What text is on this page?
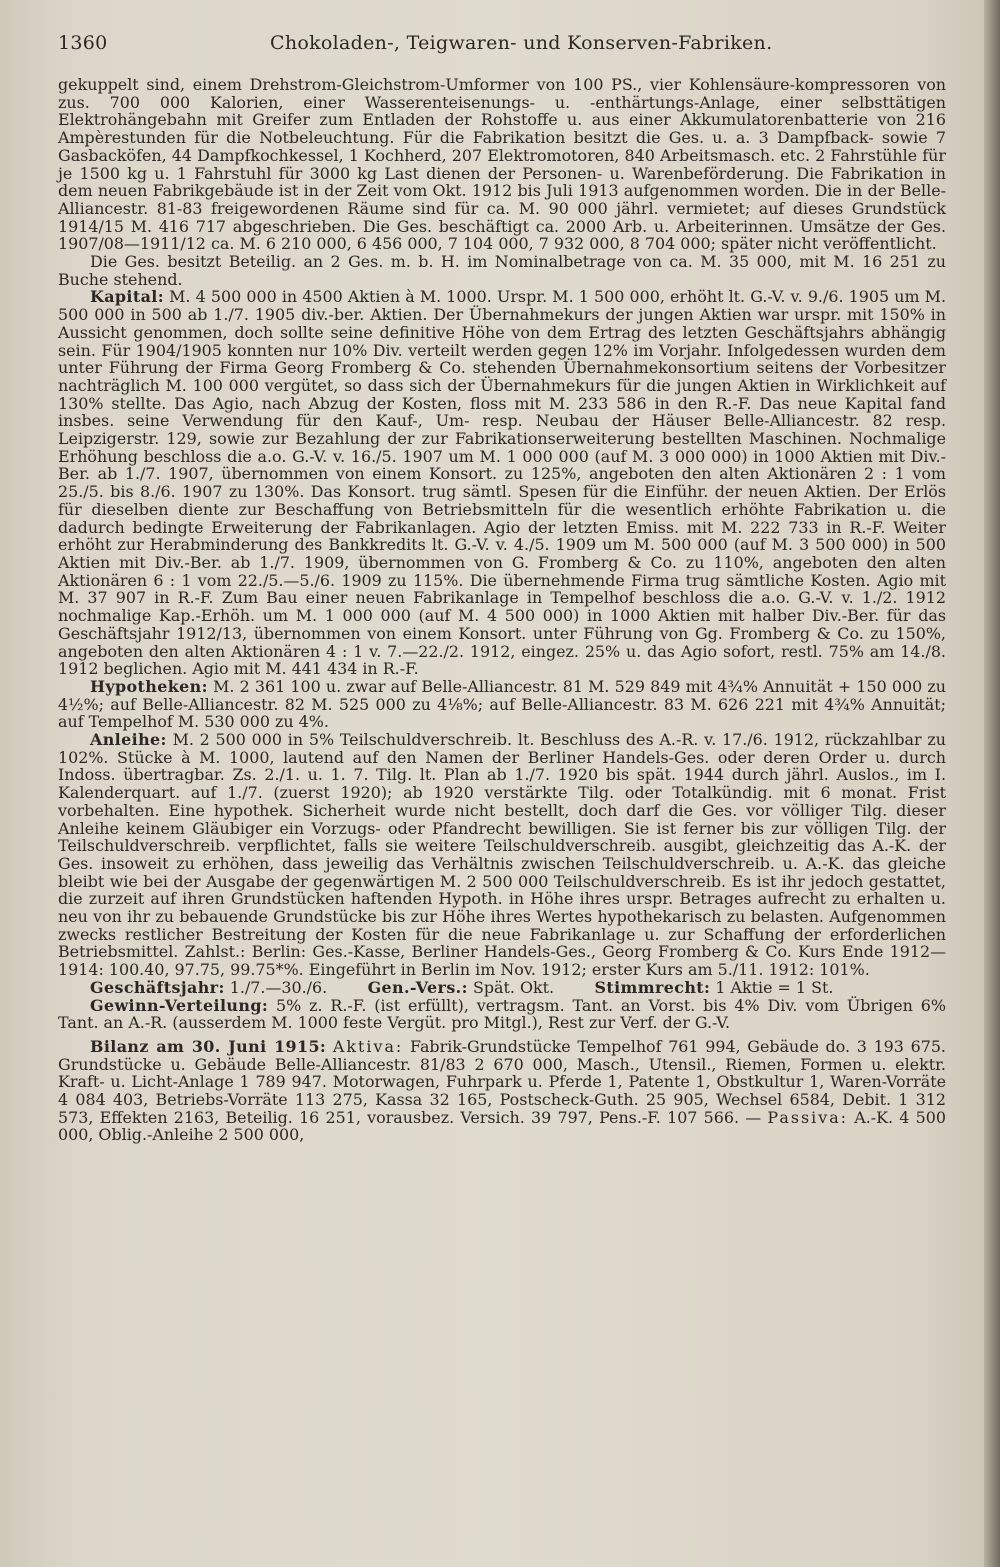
1360	Chokoladen-, Teigwaren- und Konserven-Fabriken.

gekuppelt sind, einem Drehstrom-Gleichstrom-Umformer von 100 PS., vier Kohlensäure-kompressoren von zus. 700 000 Kalorien, einer Wasserenteisenungs- u. -enthärtungs-Anlage, einer selbsttätigen Elektrohängebahn mit Greifer zum Entladen der Rohstoffe u. aus einer Akkumulatorenbatterie von 216 Ampèrestunden für die Notbeleuchtung. Für die Fabrikation besitzt die Ges. u. a. 3 Dampfback- sowie 7 Gasbacköfen, 44 Dampfkochkessel, 1 Kochherd, 207 Elektromotoren, 840 Arbeitsmasch. etc. 2 Fahrstühle für je 1500 kg u. 1 Fahrstuhl für 3000 kg Last dienen der Personen- u. Warenbeförderung. Die Fabrikation in dem neuen Fabrikgebäude ist in der Zeit vom Okt. 1912 bis Juli 1913 aufgenommen worden. Die in der Belle-Alliancestr. 81-83 freigewordenen Räume sind für ca. M. 90 000 jährl. vermietet; auf dieses Grundstück 1914/15 M. 416 717 abgeschrieben. Die Ges. beschäftigt ca. 2000 Arb. u. Arbeiterinnen. Umsätze der Ges. 1907/08—1911/12 ca. M. 6 210 000, 6 456 000, 7 104 000, 7 932 000, 8 704 000; später nicht veröffentlicht.

Die Ges. besitzt Beteilig. an 2 Ges. m. b. H. im Nominalbetrage von ca. M. 35 000, mit M. 16 251 zu Buche stehend.

Kapital: M. 4 500 000 in 4500 Aktien à M. 1000. Urspr. M. 1 500 000, erhöht lt. G.-V. v. 9./6. 1905 um M. 500 000 in 500 ab 1./7. 1905 div.-ber. Aktien. Der Übernahmekurs der jungen Aktien war urspr. mit 150% in Aussicht genommen, doch sollte seine definitive Höhe von dem Ertrag des letzten Geschäftsjahrs abhängig sein. Für 1904/1905 konnten nur 10% Div. verteilt werden gegen 12% im Vorjahr. Infolgedessen wurden dem unter Führung der Firma Georg Fromberg & Co. stehenden Übernahmekonsortium seitens der Vorbesitzer nachträglich M. 100 000 vergütet, so dass sich der Übernahmekurs für die jungen Aktien in Wirklichkeit auf 130% stellte. Das Agio, nach Abzug der Kosten, floss mit M. 233 586 in den R.-F. Das neue Kapital fand insbes. seine Verwendung für den Kauf-, Um- resp. Neubau der Häuser Belle-Alliancestr. 82 resp. Leipzigerstr. 129, sowie zur Bezahlung der zur Fabrikationserweiterung bestellten Maschinen. Nochmalige Erhöhung beschloss die a.o. G.-V. v. 16./5. 1907 um M. 1 000 000 (auf M. 3 000 000) in 1000 Aktien mit Div.-Ber. ab 1./7. 1907, übernommen von einem Konsort. zu 125%, angeboten den alten Aktionären 2 : 1 vom 25./5. bis 8./6. 1907 zu 130%. Das Konsort. trug sämtl. Spesen für die Einführ. der neuen Aktien. Der Erlös für dieselben diente zur Beschaffung von Betriebsmitteln für die wesentlich erhöhte Fabrikation u. die dadurch bedingte Erweiterung der Fabrikanlagen. Agio der letzten Emiss. mit M. 222 733 in R.-F. Weiter erhöht zur Herabminderung des Bankkredits lt. G.-V. v. 4./5. 1909 um M. 500 000 (auf M. 3 500 000) in 500 Aktien mit Div.-Ber. ab 1./7. 1909, übernommen von G. Fromberg & Co. zu 110%, angeboten den alten Aktionären 6 : 1 vom 22./5.—5./6. 1909 zu 115%. Die übernehmende Firma trug sämtliche Kosten. Agio mit M. 37 907 in R.-F. Zum Bau einer neuen Fabrikanlage in Tempelhof beschloss die a.o. G.-V. v. 1./2. 1912 nochmalige Kap.-Erhöh. um M. 1 000 000 (auf M. 4 500 000) in 1000 Aktien mit halber Div.-Ber. für das Geschäftsjahr 1912/13, übernommen von einem Konsort. unter Führung von Gg. Fromberg & Co. zu 150%, angeboten den alten Aktionären 4 : 1 v. 7.—22./2. 1912, eingez. 25% u. das Agio sofort, restl. 75% am 14./8. 1912 beglichen. Agio mit M. 441 434 in R.-F.

Hypotheken: M. 2 361 100 u. zwar auf Belle-Alliancestr. 81 M. 529 849 mit 4¾% Annuität + 150 000 zu 4½%; auf Belle-Alliancestr. 82 M. 525 000 zu 4⅛%; auf Belle-Alliancestr. 83 M. 626 221 mit 4¾% Annuität; auf Tempelhof M. 530 000 zu 4%.

Anleihe: M. 2 500 000 in 5% Teilschuldverschreib. lt. Beschluss des A.-R. v. 17./6. 1912, rückzahlbar zu 102%. Stücke à M. 1000, lautend auf den Namen der Berliner Handels-Ges. oder deren Order u. durch Indoss. übertragbar. Zs. 2./1. u. 1. 7. Tilg. lt. Plan ab 1./7. 1920 bis spät. 1944 durch jährl. Auslos., im I. Kalenderquart. auf 1./7. (zuerst 1920); ab 1920 verstärkte Tilg. oder Totalkündig. mit 6 monat. Frist vorbehalten. Eine hypothek. Sicherheit wurde nicht bestellt, doch darf die Ges. vor völliger Tilg. dieser Anleihe keinem Gläubiger ein Vorzugs- oder Pfandrecht bewilligen. Sie ist ferner bis zur völligen Tilg. der Teilschuldverschreib. verpflichtet, falls sie weitere Teilschuldverschreib. ausgibt, gleichzeitig das A.-K. der Ges. insoweit zu erhöhen, dass jeweilig das Verhältnis zwischen Teilschuldverschreib. u. A.-K. das gleiche bleibt wie bei der Ausgabe der gegenwärtigen M. 2 500 000 Teilschuldverschreib. Es ist ihr jedoch gestattet, die zurzeit auf ihren Grundstücken haftenden Hypoth. in Höhe ihres urspr. Betrages aufrecht zu erhalten u. neu von ihr zu bebauende Grundstücke bis zur Höhe ihres Wertes hypothekarisch zu belasten. Aufgenommen zwecks restlicher Bestreitung der Kosten für die neue Fabrikanlage u. zur Schaffung der erforderlichen Betriebsmittel. Zahlst.: Berlin: Ges.-Kasse, Berliner Handels-Ges., Georg Fromberg & Co. Kurs Ende 1912—1914: 100.40, 97.75, 99.75*%. Eingeführt in Berlin im Nov. 1912; erster Kurs am 5./11. 1912: 101%.

Geschäftsjahr: 1./7.—30./6.	Gen.-Vers.: Spät. Okt.	Stimmrecht: 1 Aktie = 1 St.

Gewinn-Verteilung: 5% z. R.-F. (ist erfüllt), vertragsm. Tant. an Vorst. bis 4% Div. vom Übrigen 6% Tant. an A.-R. (ausserdem M. 1000 feste Vergüt. pro Mitgl.), Rest zur Verf. der G.-V.

Bilanz am 30. Juni 1915: Aktiva: Fabrik-Grundstücke Tempelhof 761 994, Gebäude do. 3 193 675. Grundstücke u. Gebäude Belle-Alliancestr. 81/83 2 670 000, Masch., Utensil., Riemen, Formen u. elektr. Kraft- u. Licht-Anlage 1 789 947. Motorwagen, Fuhrpark u. Pferde 1, Patente 1, Obstkultur 1, Waren-Vorräte 4 084 403, Betriebs-Vorräte 113 275, Kassa 32 165, Postscheck-Guth. 25 905, Wechsel 6584, Debit. 1 312 573, Effekten 2163, Beteilig. 16 251, vorausbez. Versich. 39 797, Pens.-F. 107 566. — Passiva: A.-K. 4 500 000, Oblig.-Anleihe 2 500 000,
